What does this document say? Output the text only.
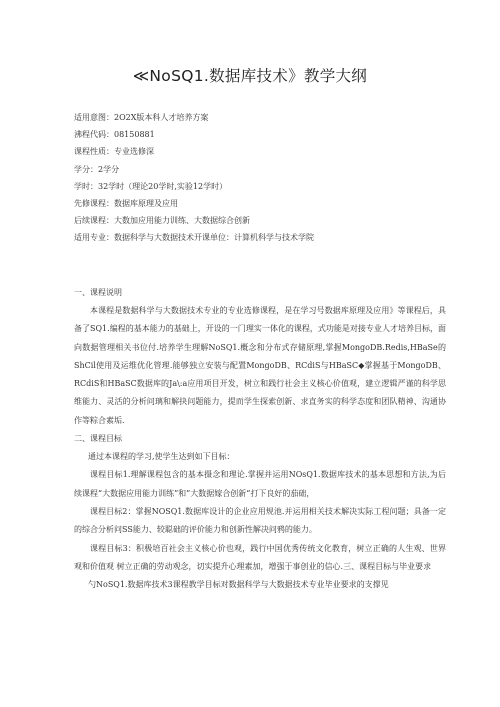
≪NoSQ1.数据库技术》教学大纲
适用意图：2O2X版本科人才培养方案
沸程代码：08150881
课程性质：专业选修深
学分：2学分
学时：32学时（理论20学时,实验12学时）
先修课程：数据库原理及应用
后续课程：大数加应用能力训练、大数据综合创新
适用专业：数据科学与大数据技术开课单位：计算机科学与技术学院
一、课程说明

本课程是数据科学与大数据技术专业的专业选修课程，是在学习号数据库原理及应用》等课程后，具备了SQ1.编程的基本能力的基础上，开设的一门理实一体化的课程，式功能是对接专业人才培养目标，面向数据管理相关书位付.培养学生理解NoSQ1.概念和分布式存储原理,掌握MongoDB.Redis,HBaSe的ShCil使用及运维优化管理.能够独立安装与配置MongoDB、RCdiS与HBaSC◆掌握基于MongoDB、RCdiS和HBaSC数据库的Ja\:a应用项目开发，树立和践行社会主义核心价值观，建立逻辑严谨的科学思维能力、灵活的分析问璃和解抉问题能力，提而学生探索创新、求直务实的科学态度和团队精神、沟通协作等粽合素垢.

二、课程目标

通过本课程的学习,使学生达到如下目标：

课程目标1.理解课程包含的基本摄念和理论.掌握并运用NOsQ1.数据库技术的基本思想和方法,为后续课程“大数据应用能力训练”和”大数据嫁合创新“打下良好的茄础，

课程目标2：掌握NOSQ1.数据库设计的企业应用规池.并运用相关技术解决实际工程问题；具备一定的综合分析问SS能力、较聪础的评价能力和创新性解决问鸦的能力。

课程目标3：积极培百社会主义核心价也观，践行中国优秀传统文化教育，树立正确的人生观、世界观和价值观 树立正确的劳动观念，切实提升心理素加，增强于事创业的信心.三、课程目标与毕业要求

勺NoSQ1.数据库技术3课程教学目标对数据科学与大数据技术专业毕业要求的支撑见
